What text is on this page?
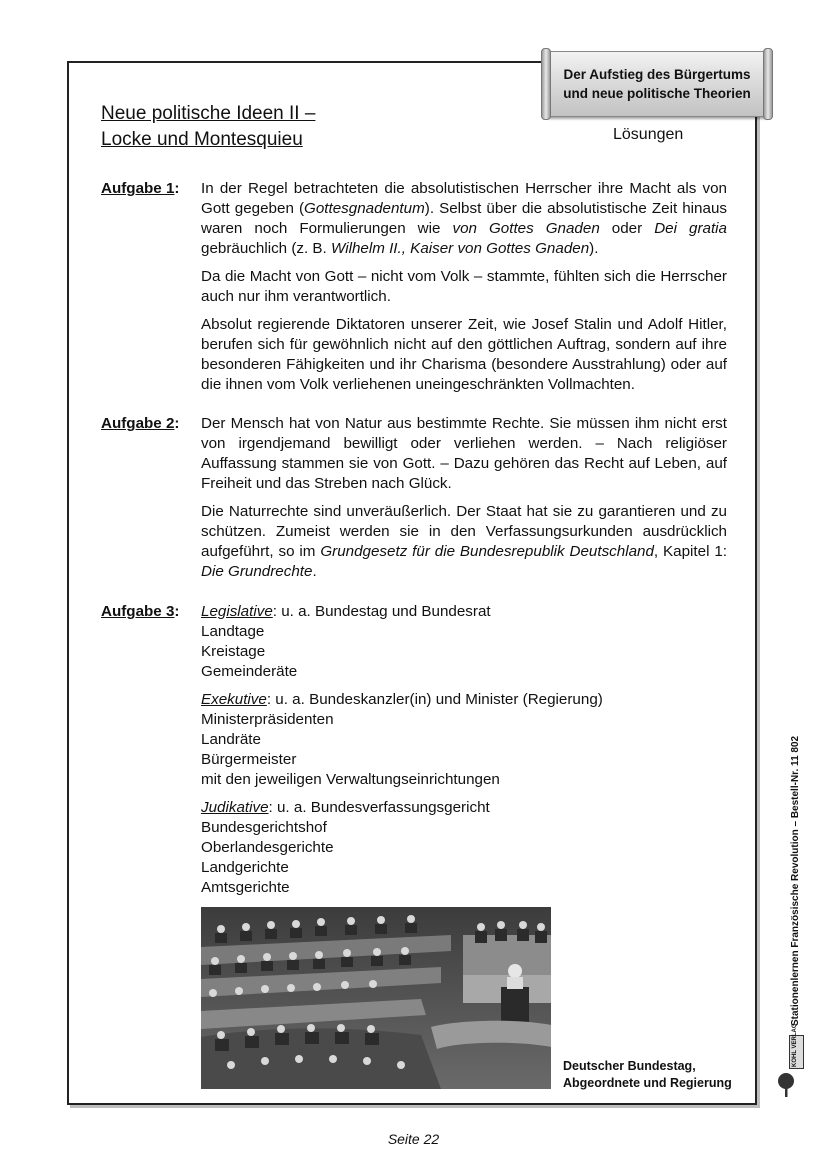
Der Aufstieg des Bürgertums
und neue politische Theorien
Neue politische Ideen II –
Locke und Montesquieu	Lösungen
Aufgabe 1: In der Regel betrachteten die absolutistischen Herrscher ihre Macht als von Gott gegeben (Gottesgnadentum). Selbst über die absolutistische Zeit hinaus waren noch Formulierungen wie von Gottes Gnaden oder Dei gratia gebräuchlich (z. B. Wilhelm II., Kaiser von Gottes Gnaden).

Da die Macht von Gott – nicht vom Volk – stammte, fühlten sich die Herrscher auch nur ihm verantwortlich.

Absolut regierende Diktatoren unserer Zeit, wie Josef Stalin und Adolf Hitler, berufen sich für gewöhnlich nicht auf den göttlichen Auftrag, sondern auf ihre besonderen Fähigkeiten und ihr Charisma (besondere Ausstrahlung) oder auf die ihnen vom Volk verliehenen uneingeschränkten Vollmachten.

Aufgabe 2: Der Mensch hat von Natur aus bestimmte Rechte. Sie müssen ihm nicht erst von irgendjemand bewilligt oder verliehen werden. – Nach religiöser Auffassung stammen sie von Gott. – Dazu gehören das Recht auf Leben, auf Freiheit und das Streben nach Glück.

Die Naturrechte sind unveräußerlich. Der Staat hat sie zu garantieren und zu schützen. Zumeist werden sie in den Verfassungsurkunden ausdrücklich aufgeführt, so im Grundgesetz für die Bundesrepublik Deutschland, Kapitel 1: Die Grundrechte.

Aufgabe 3: Legislative: u. a. Bundestag und Bundesrat
Landtage
Kreistage
Gemeinderäte

Exekutive: u. a. Bundeskanzler(in) und Minister (Regierung)
Ministerpräsidenten
Landräte
Bürgermeister
mit den jeweiligen Verwaltungseinrichtungen

Judikative: u. a. Bundesverfassungsgericht
Bundesgerichtshof
Oberlandesgerichte
Landgerichte
Amtsgerichte

Deutscher Bundestag,
Abgeordnete und Regierung
Stationenlernen Französische Revolution – Bestell-Nr. 11 802
KOHL VERLAG
Seite 22
